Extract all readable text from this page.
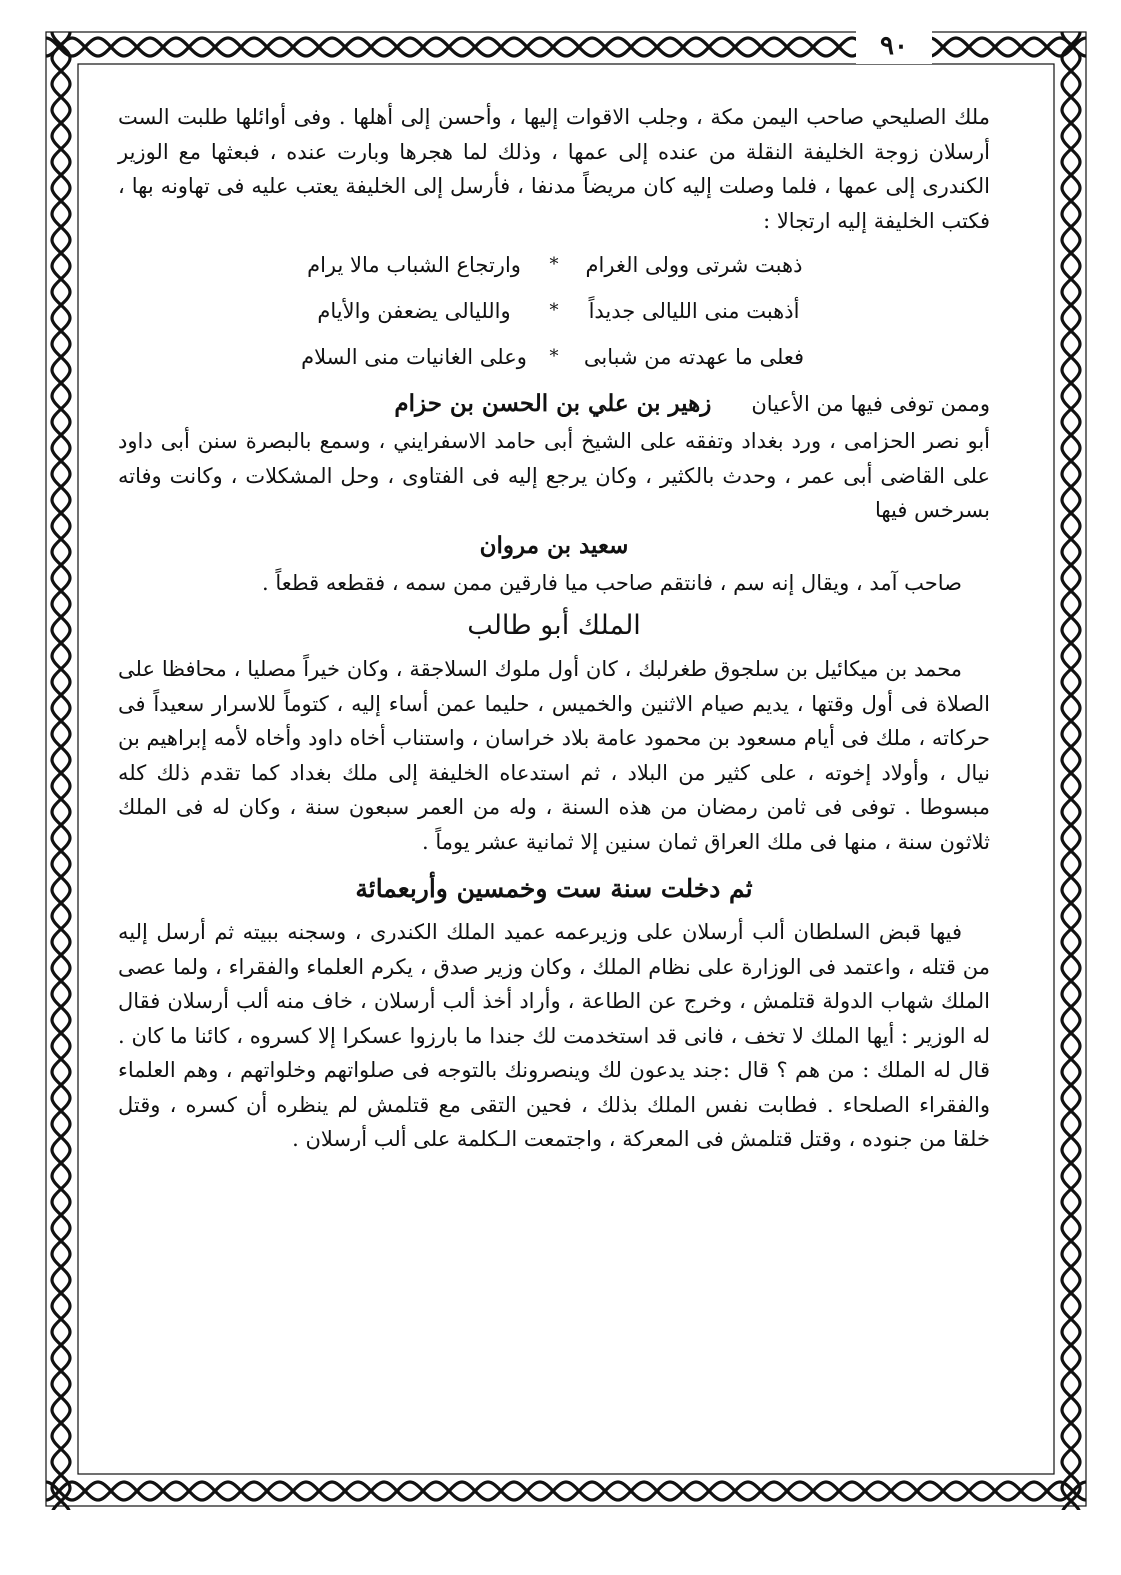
٩٠

ملك الصليحي صاحب اليمن مكة ، وجلب الاقوات إليها ، وأحسن إلى أهلها . وفى أوائلها طلبت الست أرسلان زوجة الخليفة النقلة من عنده إلى عمها ، وذلك لما هجرها وبارت عنده ، فبعثها مع الوزير الكندرى إلى عمها ، فلما وصلت إليه كان مريضاً مدنفا ، فأرسل إلى الخليفة يعتب عليه فى تهاونه بها ، فكتب الخليفة إليه ارتجالا :

ذهبت شرتى وولى الغرام
*
وارتجاع الشباب مالا يرام
أذهبت منى الليالى جديداً
*
والليالى يضعفن والأيام
فعلى ما عهدته من شبابى
*
وعلى الغانيات منى السلام
وممن توفى فيها من الأعيان
زهير بن علي بن الحسن بن حزام

أبو نصر الحزامى ، ورد بغداد وتفقه على الشيخ أبى حامد الاسفرايني ، وسمع بالبصرة سنن أبى داود على القاضى أبى عمر ، وحدث بالكثير ، وكان يرجع إليه فى الفتاوى ، وحل المشكلات ، وكانت وفاته بسرخس فيها

سعيد بن مروان

صاحب آمد ، ويقال إنه سم ، فانتقم صاحب ميا فارقين ممن سمه ، فقطعه قطعاً .

الملك أبو طالب

محمد بن ميكائيل بن سلجوق طغرلبك ، كان أول ملوك السلاجقة ، وكان خيراً مصليا ، محافظا على الصلاة فى أول وقتها ، يديم صيام الاثنين والخميس ، حليما عمن أساء إليه ، كتوماً للاسرار سعيداً فى حركاته ، ملك فى أيام مسعود بن محمود عامة بلاد خراسان ، واستناب أخاه داود وأخاه لأمه إبراهيم بن نيال ، وأولاد إخوته ، على كثير من البلاد ، ثم استدعاه الخليفة إلى ملك بغداد كما تقدم ذلك كله مبسوطا . توفى فى ثامن رمضان من هذه السنة ، وله من العمر سبعون سنة ، وكان له فى الملك ثلاثون سنة ، منها فى ملك العراق ثمان سنين إلا ثمانية عشر يوماً .

ثم دخلت سنة ست وخمسين وأربعمائة

فيها قبض السلطان ألب أرسلان على وزيرعمه عميد الملك الكندرى ، وسجنه ببيته ثم أرسل إليه من قتله ، واعتمد فى الوزارة على نظام الملك ، وكان وزير صدق ، يكرم العلماء والفقراء ، ولما عصى الملك شهاب الدولة قتلمش ، وخرج عن الطاعة ، وأراد أخذ ألب أرسلان ، خاف منه ألب أرسلان فقال له الوزير : أيها الملك لا تخف ، فانى قد استخدمت لك جندا ما بارزوا عسكرا إلا كسروه ، كائنا ما كان . قال له الملك : من هم ؟ قال :جند يدعون لك وينصرونك بالتوجه فى صلواتهم وخلواتهم ، وهم العلماء والفقراء الصلحاء . فطابت نفس الملك بذلك ، فحين التقى مع قتلمش لم ينظره أن كسره ، وقتل خلقا من جنوده ، وقتل قتلمش فى المعركة ، واجتمعت الـكلمة على ألب أرسلان .
